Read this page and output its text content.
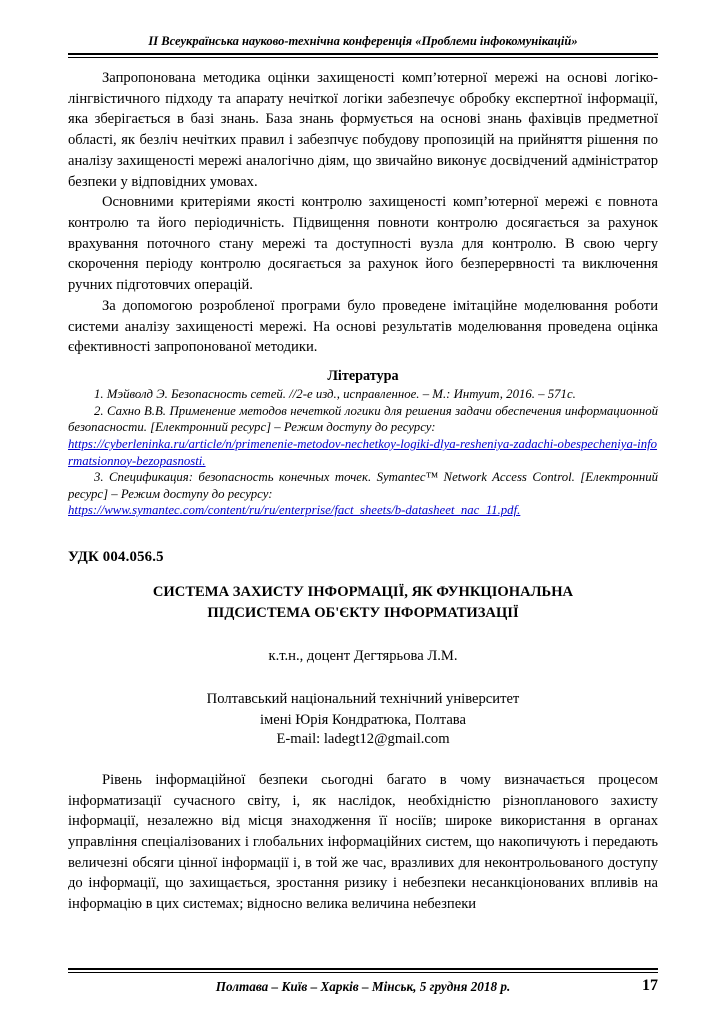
II Всеукраїнська науково-технічна конференція «Проблеми інфокомунікацій»

Запропонована методика оцінки захищеності комп’ютерної мережі на основі логіко-лінгвістичного підходу та апарату нечіткої логіки забезпечує обробку експертної інформації, яка зберігається в базі знань. База знань формується на основі знань фахівців предметної області, як безліч нечітких правил і забезпчує побудову пропозицій на прийняття рішення по аналізу захищеності мережі аналогічно діям, що звичайно виконує досвідчений адміністратор безпеки у відповідних умовах.

Основними критеріями якості контролю захищеності комп’ютерної мережі є повнота контролю та його періодичність. Підвищення повноти контролю досягається за рахунок врахування поточного стану мережі та доступності вузла для контролю. В свою чергу скорочення періоду контролю досягається за рахунок його безперервності та виключення ручних підготовчих операцій.

За допомогою розробленої програми було проведене імітаційне моделювання роботи системи аналізу захищеності мережі. На основі результатів моделювання проведена оцінка єфективності запропонованої методики.

Література

1. Мэйволд Э. Безопасность сетей. //2-е изд., исправленное. – М.: Интуит, 2016. – 571с.

2. Сахно В.В. Применение методов нечеткой логики для решения задачи обеспечения информационной безопасности. [Електронний ресурс] – Режим доступу до ресурсу:

https://cyberleninka.ru/article/n/primenenie-metodov-nechetkoy-logiki-dlya-resheniya-zadachi-obespecheniya-informatsionnoy-bezopasnosti.

3. Спецификация: безопасность конечных точек. Symantec™ Network Access Control. [Електронний ресурс] – Режим доступу до ресурсу:

https://www.symantec.com/content/ru/ru/enterprise/fact_sheets/b-datasheet_nac_11.pdf.

УДК 004.056.5
СИСТЕМА ЗАХИСТУ ІНФОРМАЦІЇ, ЯК ФУНКЦІОНАЛЬНА
ПІДСИСТЕМА ОБ'ЄКТУ ІНФОРМАТИЗАЦІЇ
к.т.н., доцент Дегтярьова Л.М.
Полтавський національний технічний університет
імені Юрія Кондратюка, Полтава
E-mail: ladegt12@gmail.com

Рівень інформаційної безпеки сьогодні багато в чому визначається процесом інформатизації сучасного світу, і, як наслідок, необхідністю різнопланового захисту інформації, незалежно від місця знаходження її носіїв; широке використання в органах управління спеціалізованих і глобальних інформаційних систем, що накопичують і передають величезні обсяги цінної інформації і, в той же час, вразливих для неконтрольованого доступу до інформації, що захищається, зростання ризику і небезпеки несанкціонованих впливів на інформацію в цих системах; відносно велика величина небезпеки

Полтава – Київ – Харків – Мінськ, 5 грудня 2018 р.	17
